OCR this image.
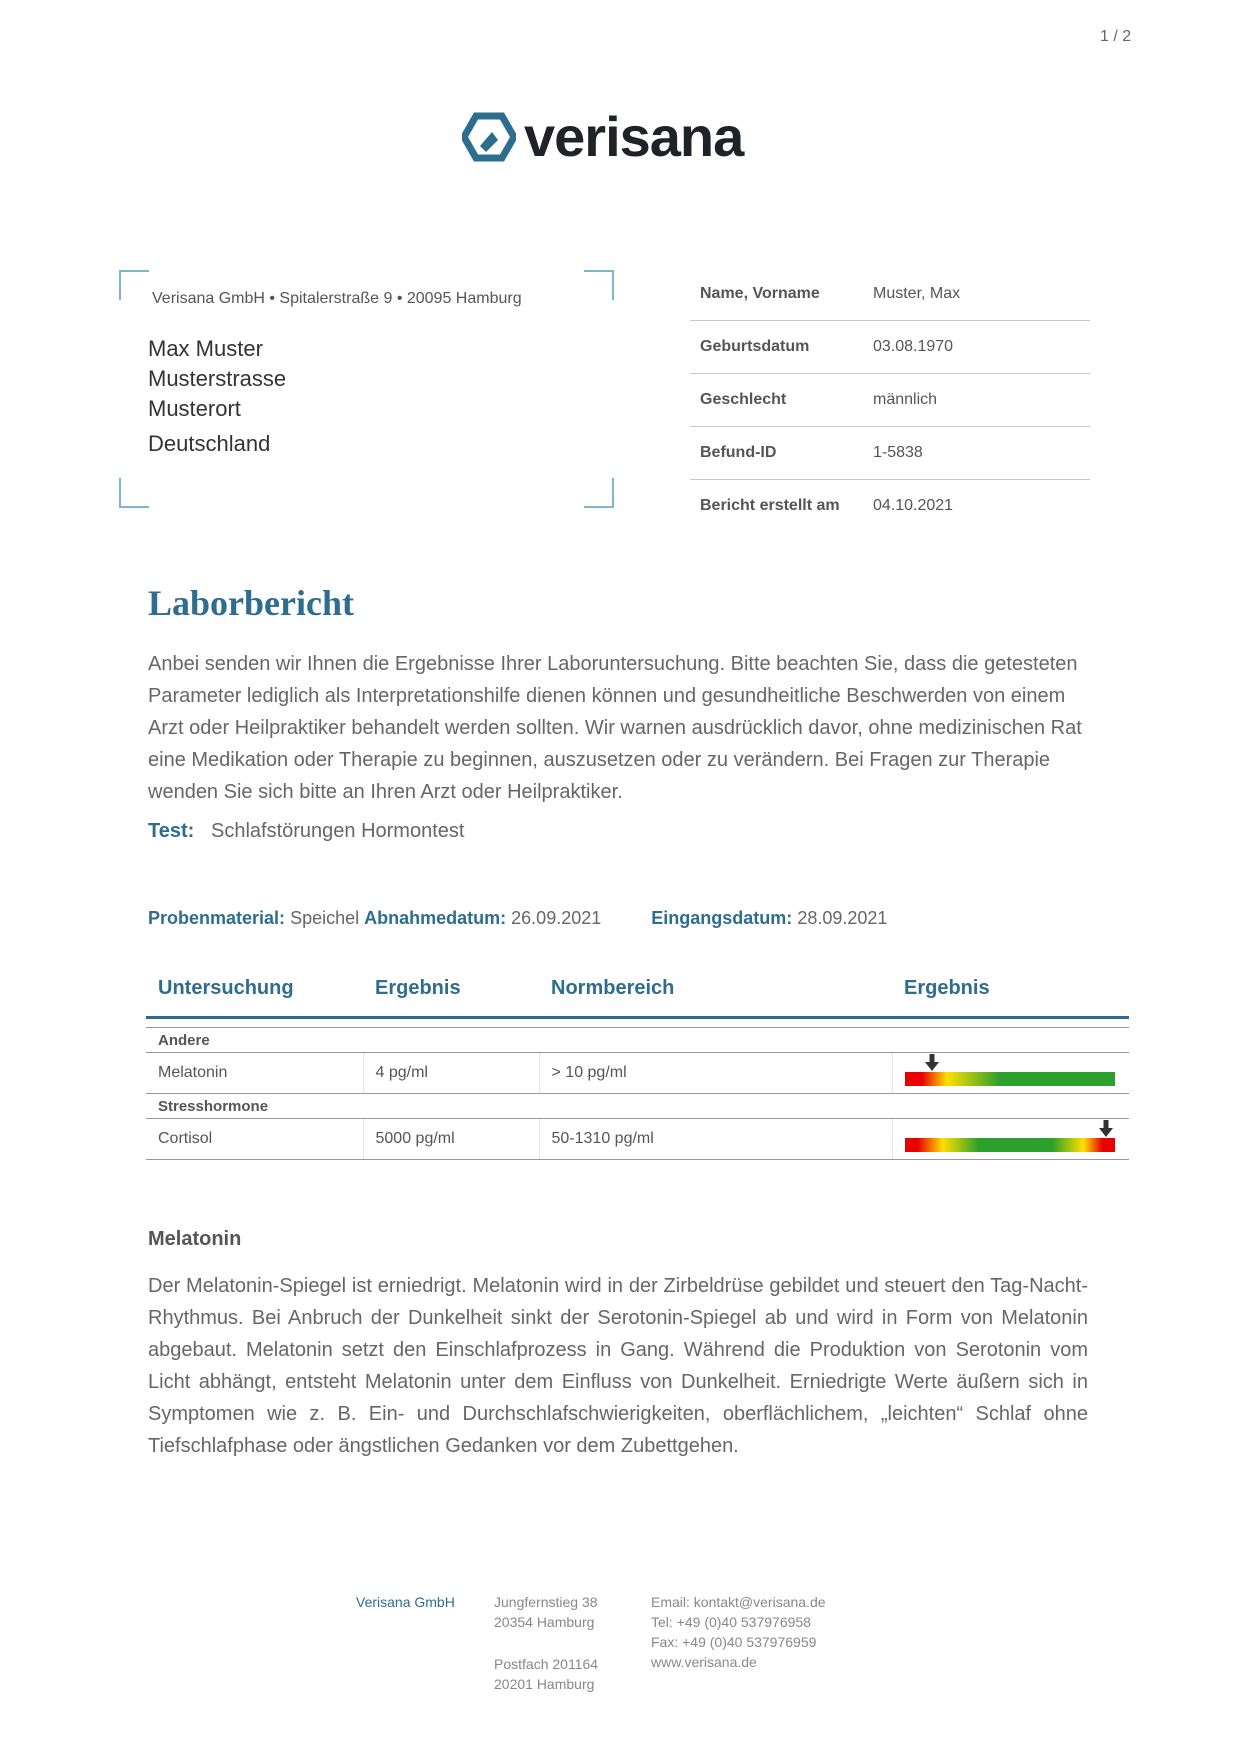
1 / 2
verisana
Verisana GmbH • Spitalerstraße 9 • 20095 Hamburg
Max Muster
Musterstrasse
Musterort
Deutschland
Name, Vorname	Muster, Max
Geburtsdatum	03.08.1970
Geschlecht	männlich
Befund-ID	1-5838
Bericht erstellt am	04.10.2021
Laborbericht
Anbei senden wir Ihnen die Ergebnisse Ihrer Laboruntersuchung. Bitte beachten Sie, dass die getesteten Parameter lediglich als Interpretationshilfe dienen können und gesundheitliche Beschwerden von einem Arzt oder Heilpraktiker behandelt werden sollten. Wir warnen ausdrücklich davor, ohne medizinischen Rat eine Medikation oder Therapie zu beginnen, auszusetzen oder zu verändern. Bei Fragen zur Therapie wenden Sie sich bitte an Ihren Arzt oder Heilpraktiker.
Test: Schlafstörungen Hormontest
Probenmaterial: Speichel Abnahmedatum: 26.09.2021	Eingangsdatum: 28.09.2021
Untersuchung	Ergebnis	Normbereich	Ergebnis

Andere			
Melatonin	4 pg/ml	> 10 pg/ml	

Stresshormone			
Cortisol	5000 pg/ml	50-1310 pg/ml	
Melatonin
Der Melatonin-Spiegel ist erniedrigt. Melatonin wird in der Zirbeldrüse gebildet und steuert den Tag-Nacht-Rhythmus. Bei Anbruch der Dunkelheit sinkt der Serotonin-Spiegel ab und wird in Form von Melatonin abgebaut. Melatonin setzt den Einschlafprozess in Gang. Während die Produktion von Serotonin vom Licht abhängt, entsteht Melatonin unter dem Einfluss von Dunkelheit. Erniedrigte Werte äußern sich in Symptomen wie z. B. Ein- und Durchschlafschwierigkeiten, oberflächlichem, „leichten“ Schlaf ohne Tiefschlafphase oder ängstlichen Gedanken vor dem Zubettgehen.
Verisana GmbH	Jungfernstieg 38
20354 Hamburg
Postfach 201164
20201 Hamburg
Email: kontakt@verisana.de
Tel: +49 (0)40 537976958
Fax: +49 (0)40 537976959
www.verisana.de
